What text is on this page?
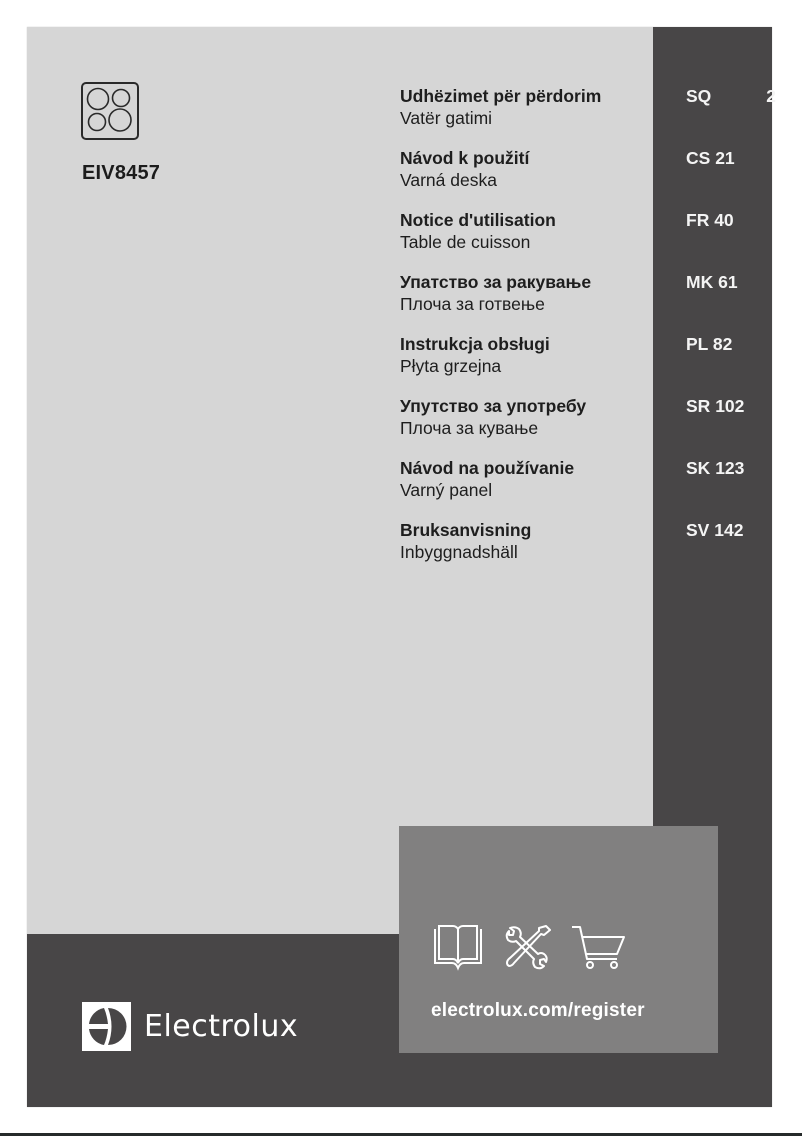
EIV8457
Udhëzimet për përdorim
Vatër gatimi
Návod k použití
Varná deska
Notice d'utilisation
Table de cuisson
Упатство за ракување
Плоча за готвење
Instrukcja obsługi
Płyta grzejna
Упутство за употребу
Плоча за кување
Návod na používanie
Varný panel
Bruksanvisning
Inbyggnadshäll
SQ	2
CS 21
FR 40
MK 61
PL 82
SR 102
SK 123
SV 142
electrolux.com/register
Electrolux
